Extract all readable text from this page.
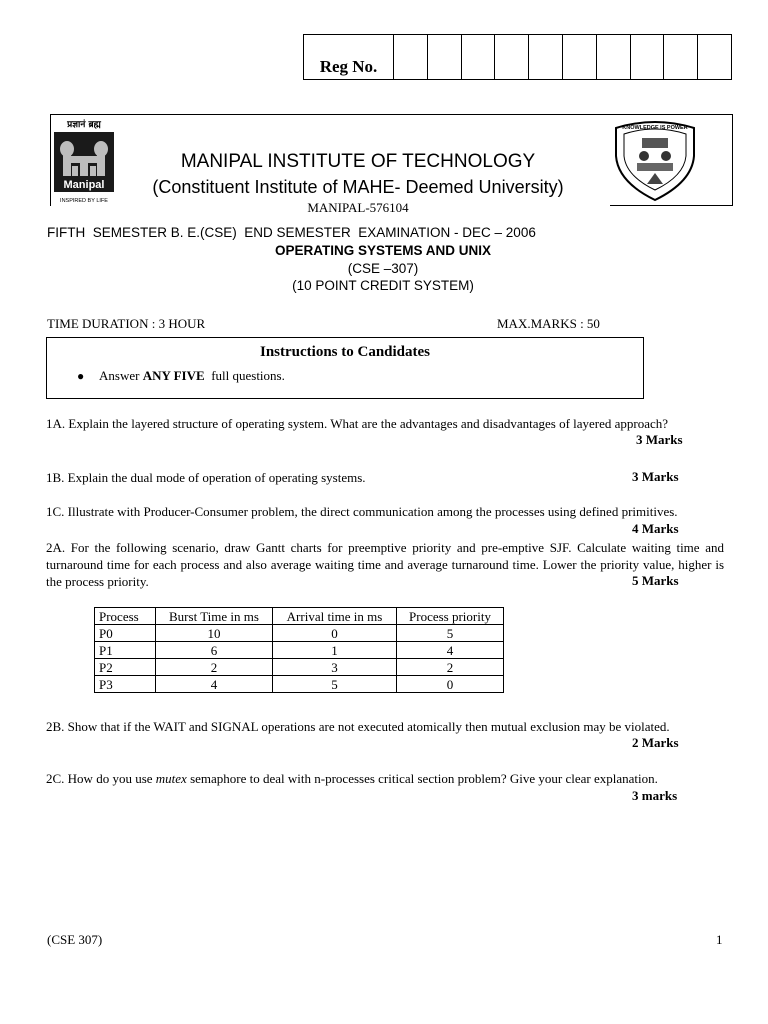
Reg No.
प्रज्ञानं ब्रह्म
Manipal
INSPIRED BY LIFE
KNOWLEDGE IS POWER
MANIPAL INSTITUTE OF TECHNOLOGY
(Constituent Institute of MAHE- Deemed University)
MANIPAL-576104
FIFTH  SEMESTER B. E.(CSE)  END SEMESTER  EXAMINATION - DEC – 2006
OPERATING SYSTEMS AND UNIX
(CSE –307)
(10 POINT CREDIT SYSTEM)
TIME DURATION : 3 HOUR	MAX.MARKS : 50
Instructions to Candidates
● Answer ANY FIVE  full questions.
1A. Explain the layered structure of operating system. What are the advantages and disadvantages of layered approach?
3 Marks
1B. Explain the dual mode of operation of operating systems.	3 Marks
1C. Illustrate with Producer-Consumer problem, the direct communication among the processes using defined primitives.
4 Marks
2A. For the following scenario, draw Gantt charts for preemptive priority and pre-emptive SJF. Calculate waiting time and turnaround time for each process and also average waiting time and average turnaround time. Lower the priority value, higher is the process priority.	5 Marks
Process	Burst Time in ms	Arrival time in ms	Process priority
P0	10	0	5
P1	6	1	4
P2	2	3	2
P3	4	5	0
2B. Show that if the WAIT and SIGNAL operations are not executed atomically then mutual exclusion may be violated.
2 Marks
2C. How do you use mutex semaphore to deal with n-processes critical section problem? Give your clear explanation.
3 marks
(CSE 307)	1
